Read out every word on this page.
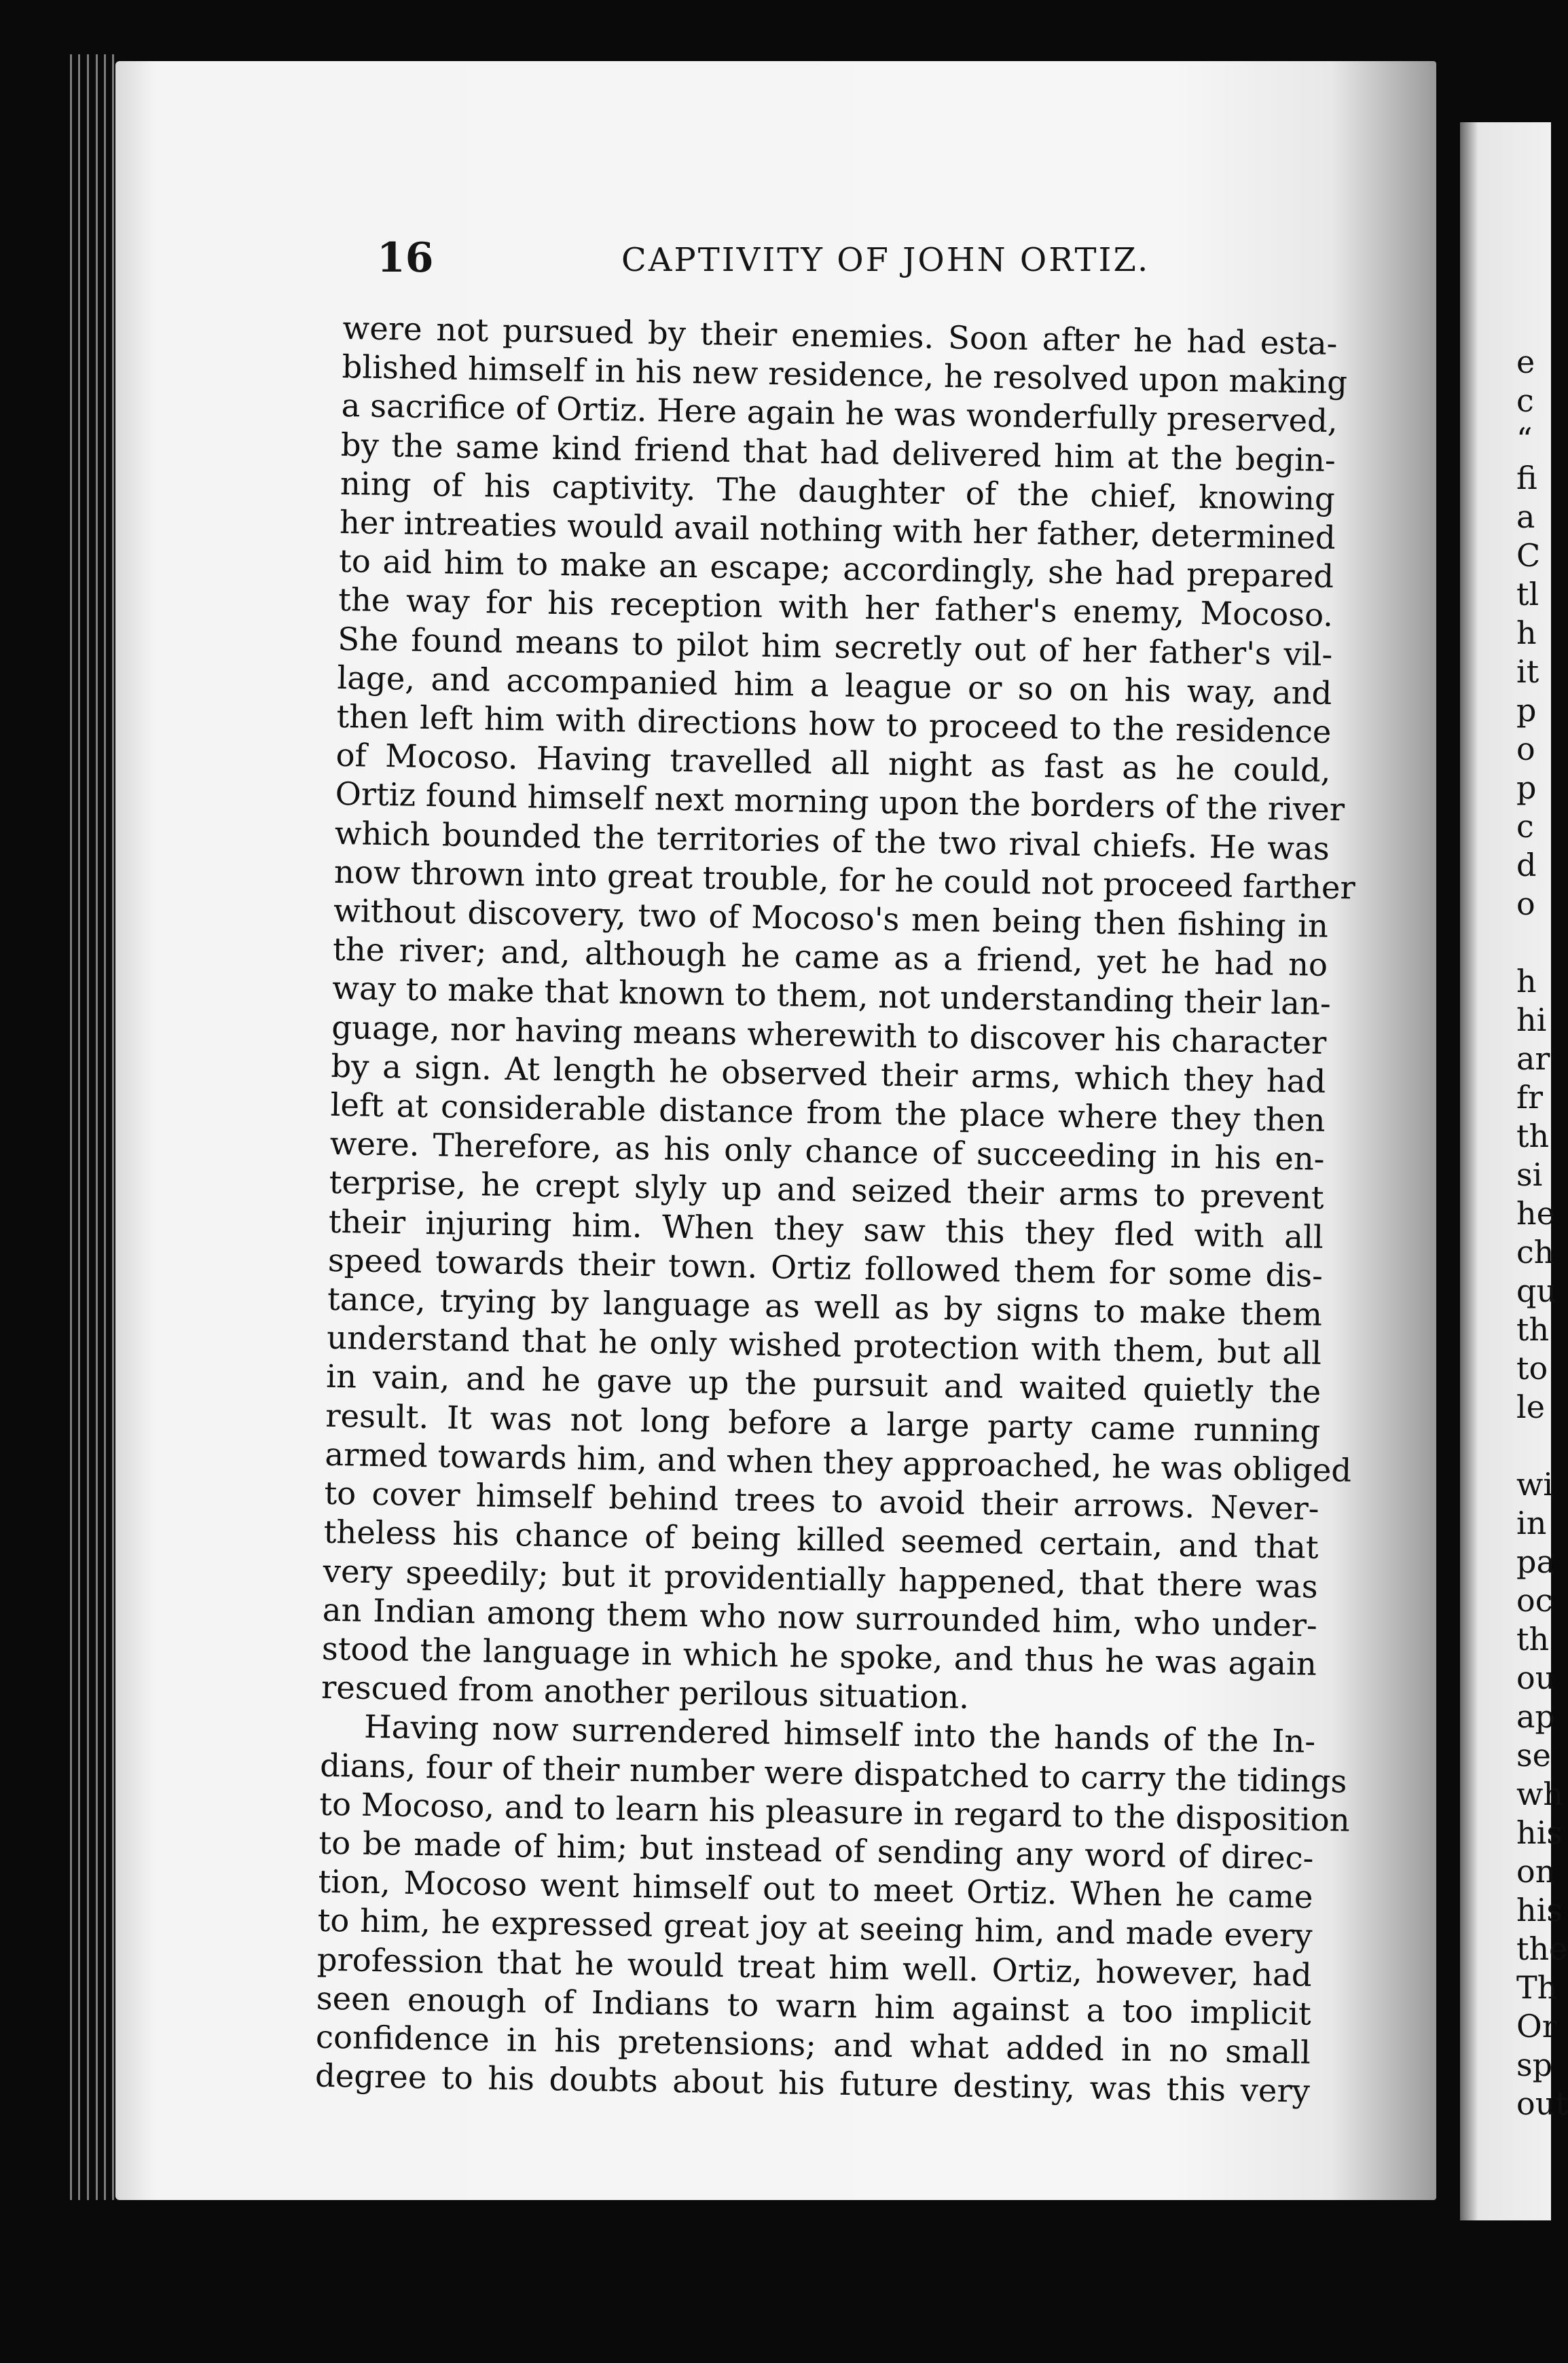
16	CAPTIVITY OF JOHN ORTIZ.
were not pursued by their enemies. Soon after he had esta-
blished himself in his new residence, he resolved upon making
a sacrifice of Ortiz. Here again he was wonderfully preserved,
by the same kind friend that had delivered him at the begin-
ning of his captivity. The daughter of the chief, knowing
her intreaties would avail nothing with her father, determined
to aid him to make an escape; accordingly, she had prepared
the way for his reception with her father's enemy, Mocoso.
She found means to pilot him secretly out of her father's vil-
lage, and accompanied him a league or so on his way, and
then left him with directions how to proceed to the residence
of Mocoso. Having travelled all night as fast as he could,
Ortiz found himself next morning upon the borders of the river
which bounded the territories of the two rival chiefs. He was
now thrown into great trouble, for he could not proceed farther
without discovery, two of Mocoso's men being then fishing in
the river; and, although he came as a friend, yet he had no
way to make that known to them, not understanding their lan-
guage, nor having means wherewith to discover his character
by a sign. At length he observed their arms, which they had
left at considerable distance from the place where they then
were. Therefore, as his only chance of succeeding in his en-
terprise, he crept slyly up and seized their arms to prevent
their injuring him. When they saw this they fled with all
speed towards their town. Ortiz followed them for some dis-
tance, trying by language as well as by signs to make them
understand that he only wished protection with them, but all
in vain, and he gave up the pursuit and waited quietly the
result. It was not long before a large party came running
armed towards him, and when they approached, he was obliged
to cover himself behind trees to avoid their arrows. Never-
theless his chance of being killed seemed certain, and that
very speedily; but it providentially happened, that there was
an Indian among them who now surrounded him, who under-
stood the language in which he spoke, and thus he was again
rescued from another perilous situation.
Having now surrendered himself into the hands of the In-
dians, four of their number were dispatched to carry the tidings
to Mocoso, and to learn his pleasure in regard to the disposition
to be made of him; but instead of sending any word of direc-
tion, Mocoso went himself out to meet Ortiz. When he came
to him, he expressed great joy at seeing him, and made every
profession that he would treat him well. Ortiz, however, had
seen enough of Indians to warn him against a too implicit
confidence in his pretensions; and what added in no small
degree to his doubts about his future destiny, was this very
e
c
“
fi
a
C
tl
h
it
p
o
p
c
d
o
h
hi
ar
fr
th
si
he
ch
qu
th
to
le
wi
in
pa
oc
th
ou
ap
se
wh
his
on
his
the
Th
Or
sp
out
